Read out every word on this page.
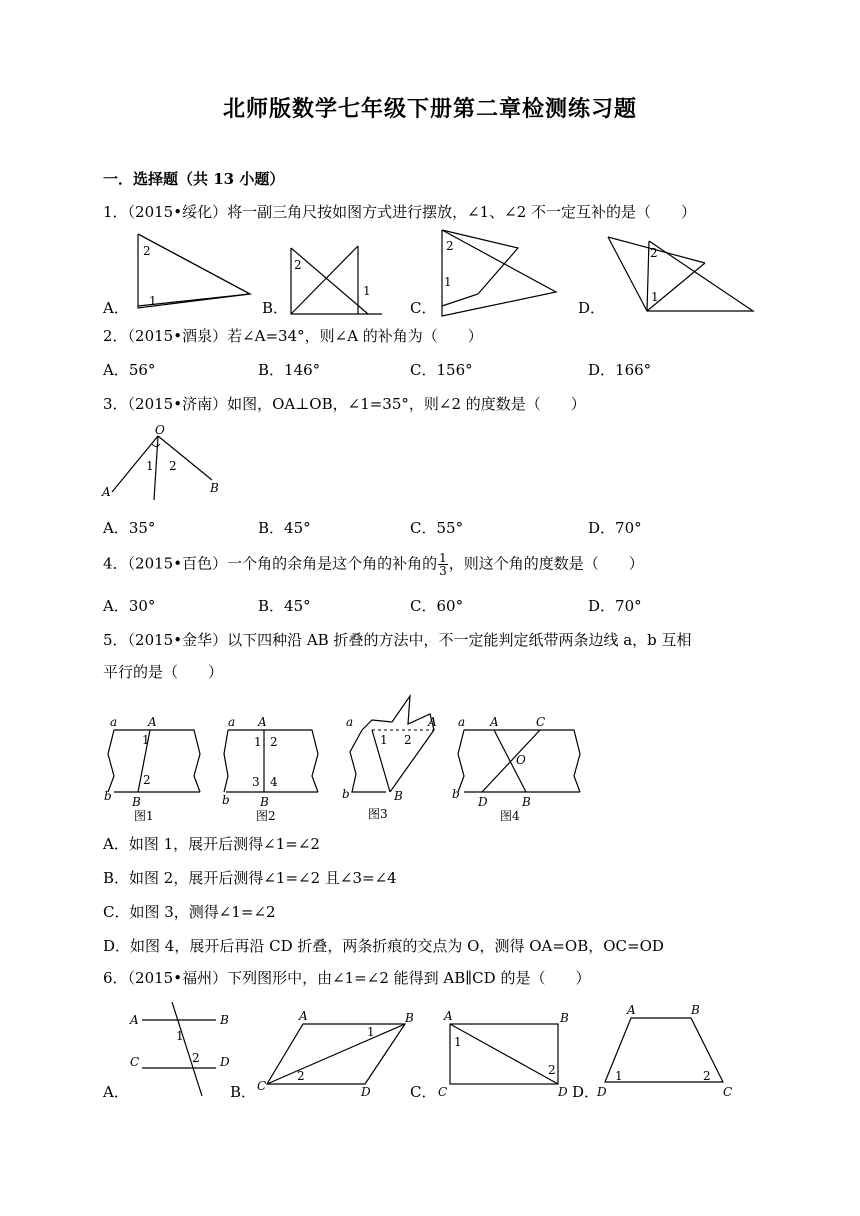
北师版数学七年级下册第二章检测练习题
一．选择题（共 13 小题）
1．（2015•绥化）将一副三角尺按如图方式进行摆放，∠1、∠2 不一定互补的是（　　）
2
1
A．
2
1
B．
2
1
C．
2
1
D．
2．（2015•酒泉）若∠A=34°，则∠A 的补角为（　　）
A．56°	B．146°	C．156°	D．166°
3．（2015•济南）如图，OA⊥OB，∠1=35°，则∠2 的度数是（　　）
O
A	B
1 2
A．35°	B．45°	C．55°	D．70°
4．（2015•百色）一个角的余角是这个角的补角的 $\frac{1}{3}$ ，则这个角的度数是（　　）
A．30°	B．45°	C．60°	D．70°
5．（2015•金华）以下四种沿 AB 折叠的方法中，不一定能判定纸带两条边线 a，b 互相
平行的是（　　）
a	A
1
2
b B
图1
a A
1 2
3 4
b	B
图2
a	A
1 2
b	B
图3
a A	C
O
b
D	B
图4
A．如图 1，展开后测得∠1=∠2
B．如图 2，展开后测得∠1=∠2 且∠3=∠4
C．如图 3，测得∠1=∠2
D．如图 4，展开后再沿 CD 折叠，两条折痕的交点为 O，测得 OA=OB，OC=OD
6．（2015•福州）下列图形中，由∠1=∠2 能得到 AB∥CD 的是（　　）
A	B
C	D
1
2
A．
A	B
C	D
1
2
B．
A	B
1
2
C	D
C．
A	B
1	2
D	C
D．
